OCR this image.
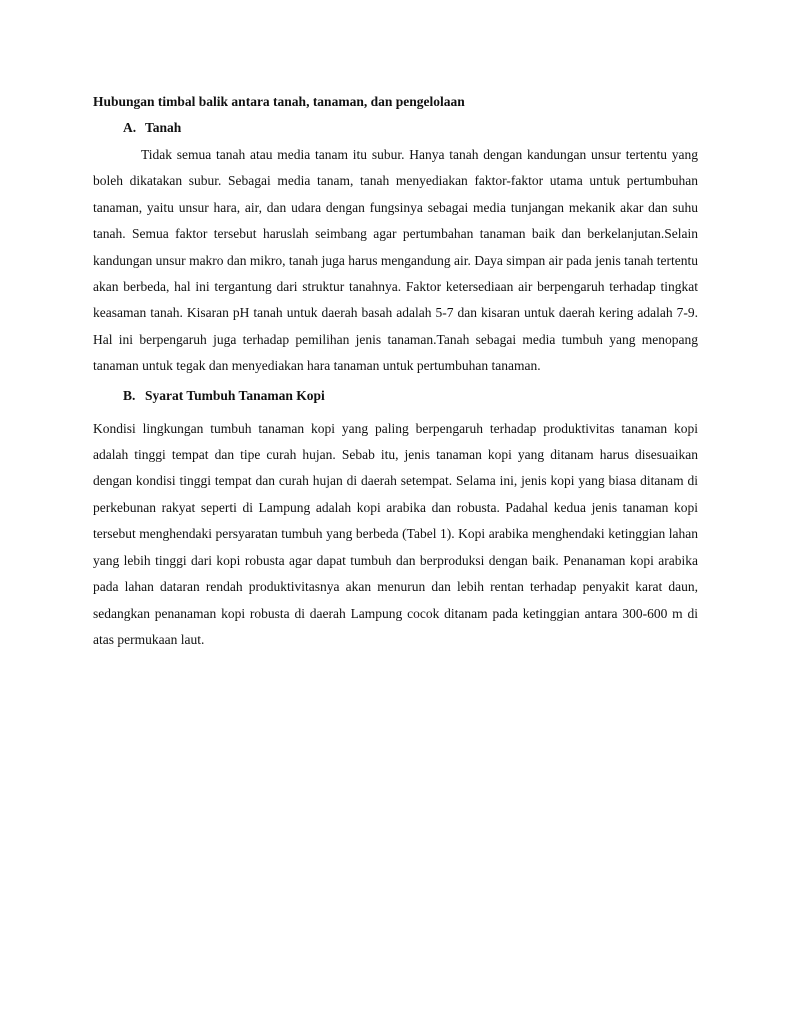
Hubungan timbal balik antara tanah, tanaman, dan pengelolaan
A. Tanah

Tidak semua tanah atau media tanam itu subur. Hanya tanah dengan kandungan unsur tertentu yang boleh dikatakan subur. Sebagai media tanam, tanah menyediakan faktor-faktor utama untuk pertumbuhan tanaman, yaitu unsur hara, air, dan udara dengan fungsinya sebagai media tunjangan mekanik akar dan suhu tanah. Semua faktor tersebut haruslah seimbang agar pertumbahan tanaman baik dan berkelanjutan.Selain kandungan unsur makro dan mikro, tanah juga harus mengandung air. Daya simpan air pada jenis tanah tertentu akan berbeda, hal ini tergantung dari struktur tanahnya. Faktor ketersediaan air berpengaruh terhadap tingkat keasaman tanah. Kisaran pH tanah untuk daerah basah adalah 5-7 dan kisaran untuk daerah kering adalah 7-9. Hal ini berpengaruh juga terhadap pemilihan jenis tanaman.Tanah sebagai media tumbuh yang menopang tanaman untuk tegak dan menyediakan hara tanaman untuk pertumbuhan tanaman.

B. Syarat Tumbuh Tanaman Kopi

Kondisi lingkungan tumbuh tanaman kopi yang paling berpengaruh terhadap produktivitas tanaman kopi adalah tinggi tempat dan tipe curah hujan. Sebab itu, jenis tanaman kopi yang ditanam harus disesuaikan dengan kondisi tinggi tempat dan curah hujan di daerah setempat. Selama ini, jenis kopi yang biasa ditanam di perkebunan rakyat seperti di Lampung adalah kopi arabika dan robusta. Padahal kedua jenis tanaman kopi tersebut menghendaki persyaratan tumbuh yang berbeda (Tabel 1). Kopi arabika menghendaki ketinggian lahan yang lebih tinggi dari kopi robusta agar dapat tumbuh dan berproduksi dengan baik. Penanaman kopi arabika pada lahan dataran rendah produktivitasnya akan menurun dan lebih rentan terhadap penyakit karat daun, sedangkan penanaman kopi robusta di daerah Lampung cocok ditanam pada ketinggian antara 300-600 m di atas permukaan laut.
